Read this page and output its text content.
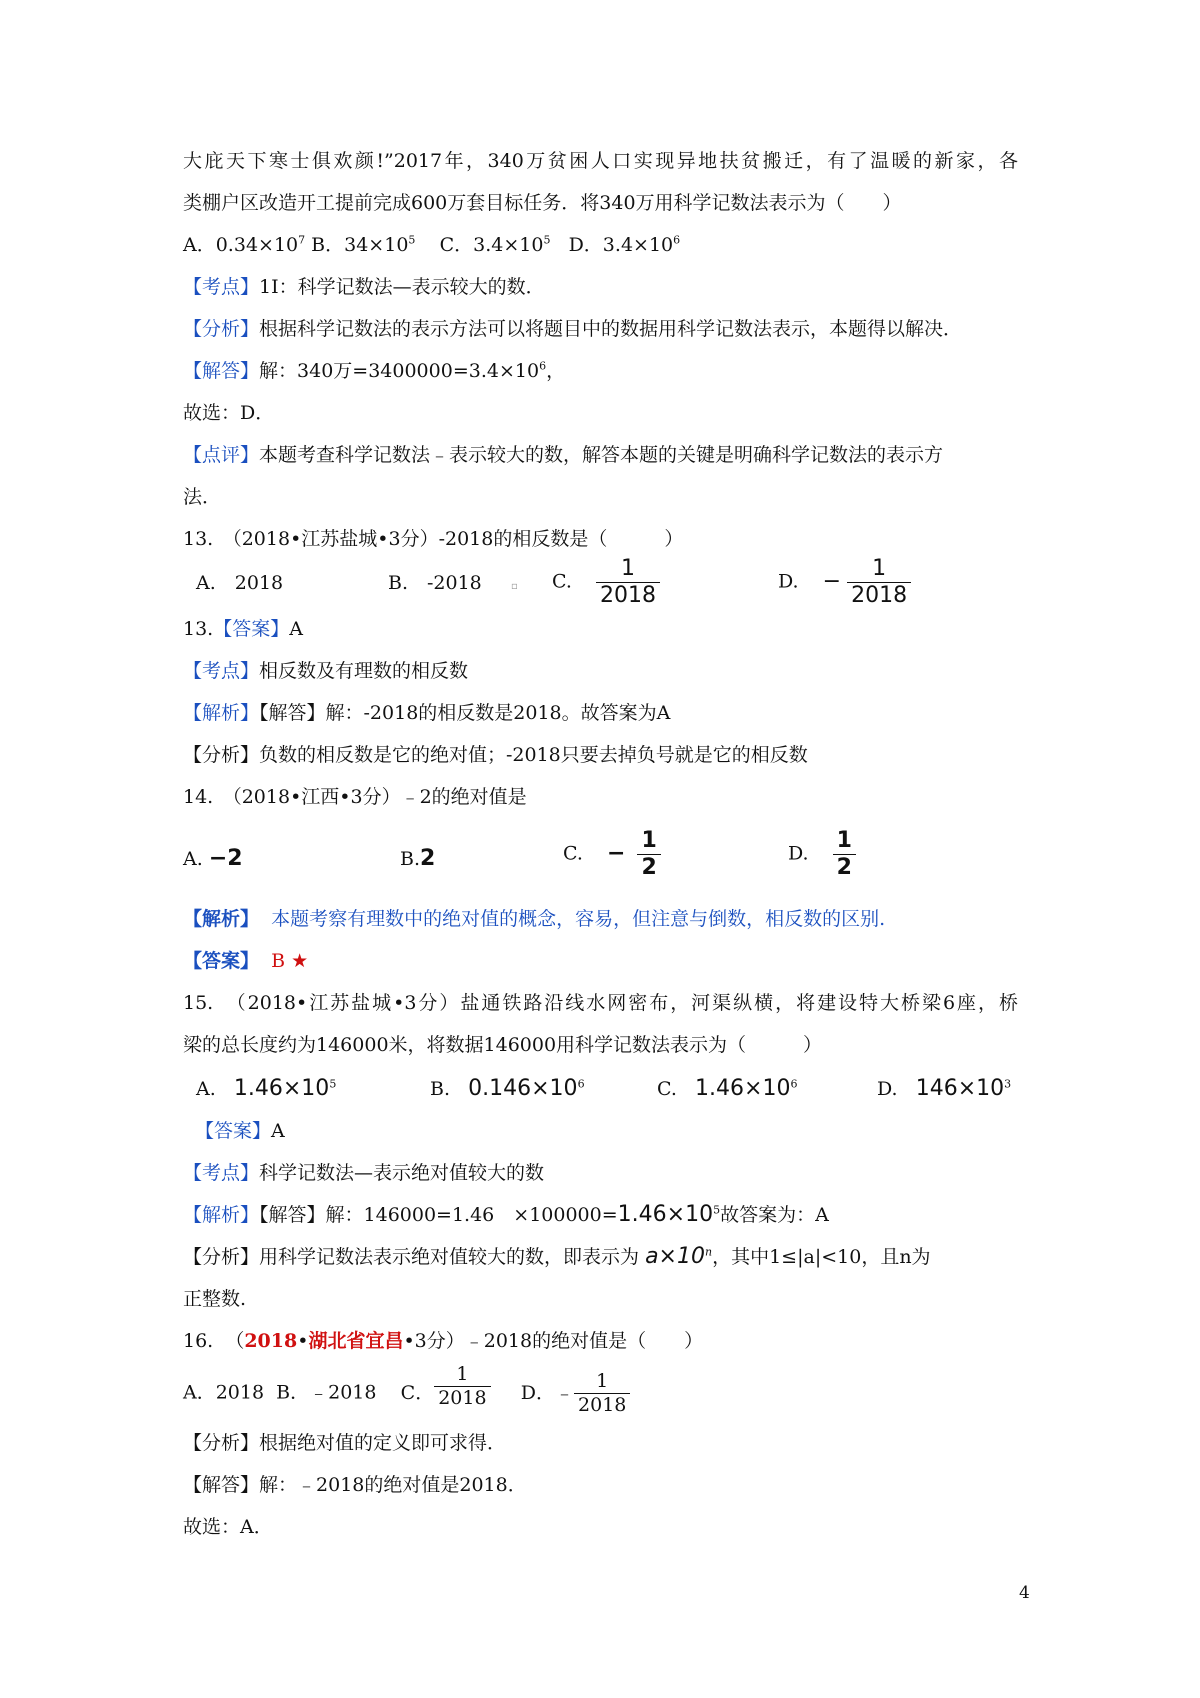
大庇天下寒士俱欢颜!”2017年，340万贫困人口实现异地扶贫搬迁，有了温暖的新家，各
类棚户区改造开工提前完成600万套目标任务．将340万用科学记数法表示为（　　）
A．$0.34\times 10^7$ B．$34\times 10^5$ C．$3.4\times 10^5$ D．$3.4\times 10^6$
【考点】1I：科学记数法—表示较大的数．
【分析】根据科学记数法的表示方法可以将题目中的数据用科学记数法表示，本题得以解决．
【解答】解：340万$=3400000=3.4\times 10^6$，
故选：D．
【点评】本题考查科学记数法﹣表示较大的数，解答本题的关键是明确科学记数法的表示方
法．
13.　（2018•江苏盐城•3分）-2018的相反数是（　　　）
A.　2018	B.　-2018	▫ C. $\frac{1}{2018}$	D. − $\frac{1}{2018}$
13.【答案】A
【考点】相反数及有理数的相反数
【解析】【解答】解：-2018的相反数是2018。故答案为A
【分析】负数的相反数是它的绝对值；-2018只要去掉负号就是它的相反数
14.　（2018•江西•3分）﹣2的绝对值是
A. −2	B.2	C. − $\frac{1}{2}$	D. $\frac{1}{2}$
【解析】 本题考察有理数中的绝对值的概念，容易，但注意与倒数，相反数的区别.
【答案】 B ★
15.　（2018•江苏盐城•3分）盐通铁路沿线水网密布，河渠纵横，将建设特大桥梁6座，桥
梁的总长度约为146000米，将数据146000用科学记数法表示为（　　　）
A. $1.46\times 10^5$	B. $0.146\times 10^6$	C. $1.46\times 10^6$	D. $146\times 10^3$
【答案】A
【考点】科学记数法—表示绝对值较大的数
【解析】【解答】解：146000=1.46　$\times 100000=1.46\times 10^5$故答案为：A
【分析】用科学记数法表示绝对值较大的数，即表示为 $a\times 10^n$，其中1≤|a|<10，且n为
正整数.
16. （2018•湖北省宜昌•3分）﹣2018的绝对值是（　　）
A．2018 B．﹣2018 C． $\frac{1}{2018}$ D．﹣ $\frac{1}{2018}$
【分析】根据绝对值的定义即可求得．
【解答】解：﹣2018的绝对值是2018．
故选：A．
4
